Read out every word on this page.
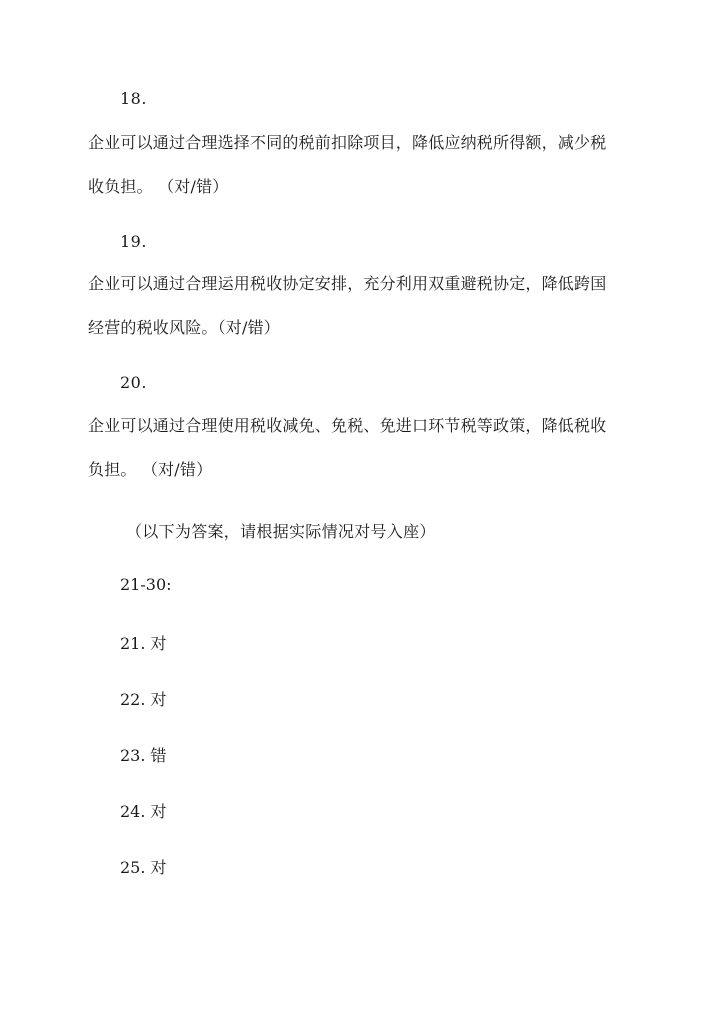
18.
企业可以通过合理选择不同的税前扣除项目，降低应纳税所得额，减少税
收负担。 （对/错）
19.
企业可以通过合理运用税收协定安排，充分利用双重避税协定，降低跨国
经营的税收风险。（对/错）
20.
企业可以通过合理使用税收减免、免税、免进口环节税等政策，降低税收
负担。 （对/错）
（以下为答案，请根据实际情况对号入座）
21-30:
21. 对
22. 对
23. 错
24. 对
25. 对
